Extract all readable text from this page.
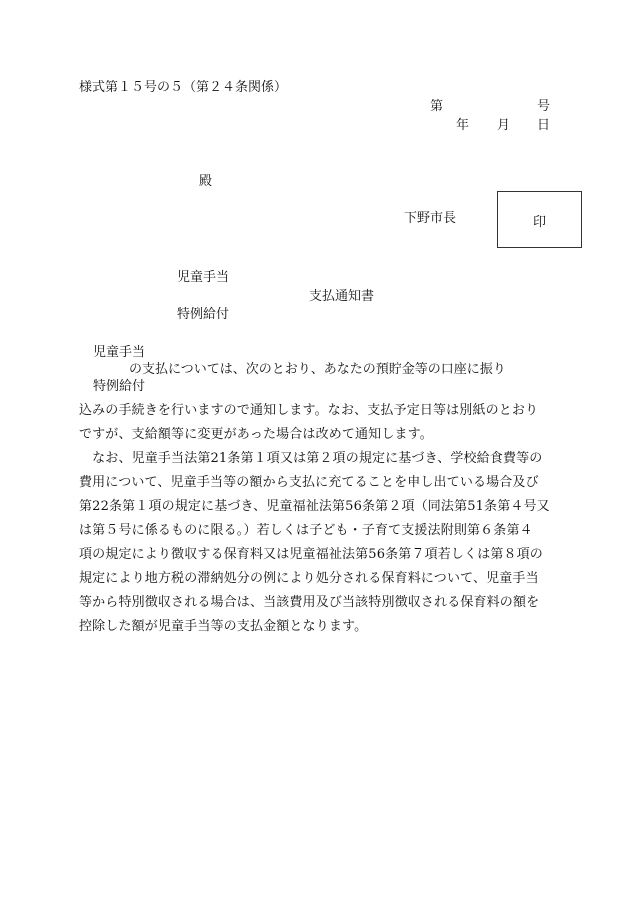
様式第１５号の５（第２４条関係）
第	号
年 月 日
殿
下野市長	印
児童手当
支払通知書
特例給付
児童手当
の支払については、次のとおり、あなたの預貯金等の口座に振り
特例給付
込みの手続きを行いますので通知します。なお、支払予定日等は別紙のとおり
ですが、支給額等に変更があった場合は改めて通知します。
　なお、児童手当法第21条第１項又は第２項の規定に基づき、学校給食費等の
費用について、児童手当等の額から支払に充てることを申し出ている場合及び
第22条第１項の規定に基づき、児童福祉法第56条第２項（同法第51条第４号又
は第５号に係るものに限る。）若しくは子ども・子育て支援法附則第６条第４
項の規定により徴収する保育料又は児童福祉法第56条第７項若しくは第８項の
規定により地方税の滞納処分の例により処分される保育料について、児童手当
等から特別徴収される場合は、当該費用及び当該特別徴収される保育料の額を
控除した額が児童手当等の支払金額となります。
